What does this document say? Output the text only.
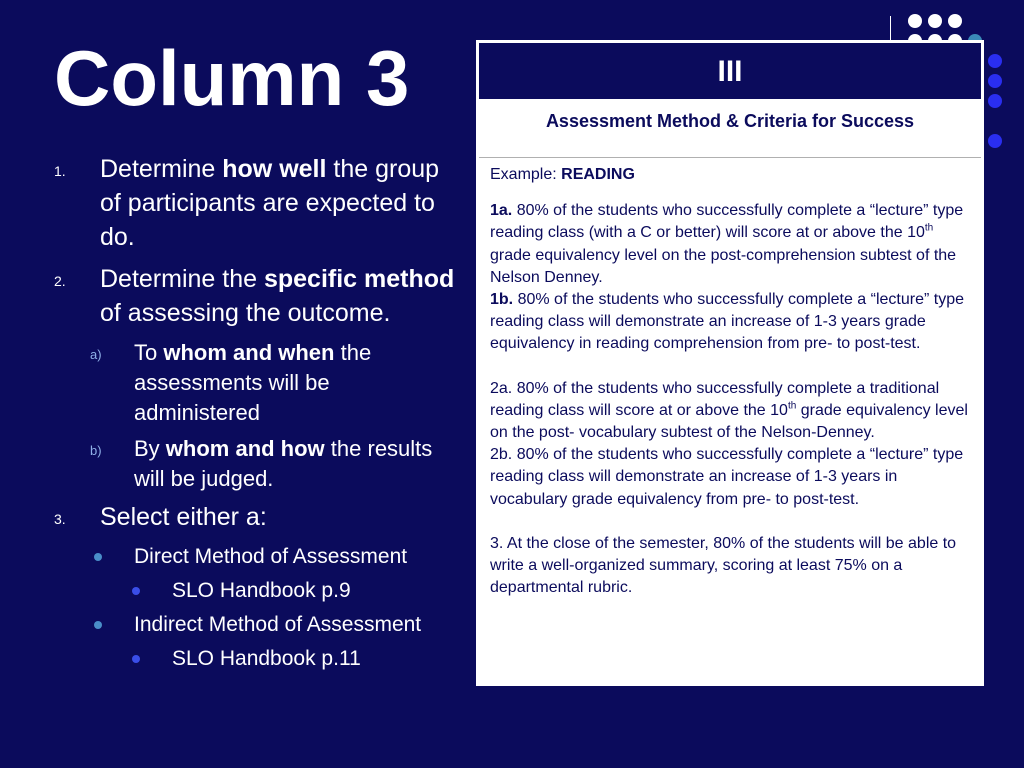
Column 3
1. Determine how well the group of participants are expected to do.
2. Determine the specific method of assessing the outcome.
a) To whom and when the assessments will be administered
b) By whom and how the results will be judged.
3. Select either a:
Direct Method of Assessment
SLO Handbook p.9
Indirect Method of Assessment
SLO Handbook p.11
III
Assessment Method & Criteria for Success
Example: READING
1a. 80% of the students who successfully complete a “lecture” type reading class (with a C or better) will score at or above the 10th grade equivalency level on the post-comprehension subtest of the Nelson Denney.
1b. 80% of the students who successfully complete a “lecture” type reading class will demonstrate an increase of 1-3 years grade equivalency in reading comprehension from pre- to post-test.
2a. 80% of the students who successfully complete a traditional reading class will score at or above the 10th grade equivalency level on the post- vocabulary subtest of the Nelson-Denney.
2b. 80% of the students who successfully complete a “lecture” type reading class will demonstrate an increase of 1-3 years in vocabulary grade equivalency from pre- to post-test.
3. At the close of the semester, 80% of the students will be able to write a well-organized summary, scoring at least 75% on a departmental rubric.
